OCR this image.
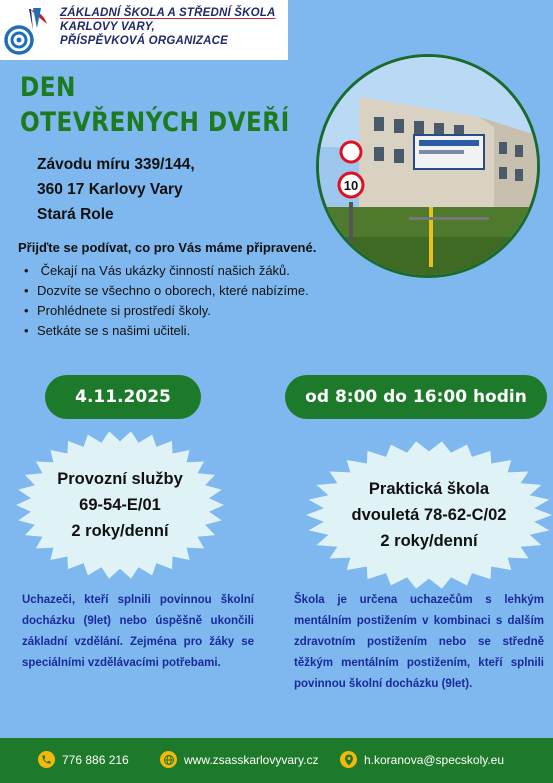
ZÁKLADNÍ ŠKOLA A STŘEDNÍ ŠKOLA
KARLOVY VARY,
PŘÍSPĚVKOVÁ ORGANIZACE
DEN
OTEVŘENÝCH DVEŘÍ
Závodu míru 339/144,
360 17 Karlovy Vary
Stará Role
10
Přijďte se podívat, co pro Vás máme připravené.
• Čekají na Vás ukázky činností našich žáků.
• Dozvíte se všechno o oborech, které nabízíme.
• Prohlédnete si prostředí školy.
• Setkáte se s našimi učiteli.
4.11.2025	od 8:00 do 16:00 hodin
Provozní služby
69-54-E/01
2 roky/denní
Praktická škola
dvouletá 78-62-C/02
2 roky/denní
Uchazeči, kteří splnili povinnou školní docházku (9let) nebo úspěšně ukončili základní vzdělání. Zejména pro žáky se speciálními vzdělávacími potřebami.
Škola je určena uchazečům s lehkým mentálním postižením v kombinaci s dalším zdravotním postižením nebo se středně těžkým mentálním postižením, kteří splnili povinnou školní docházku (9let).
776 886 216	www.zsasskarlovyvary.cz	h.koranova@specskoly.eu
